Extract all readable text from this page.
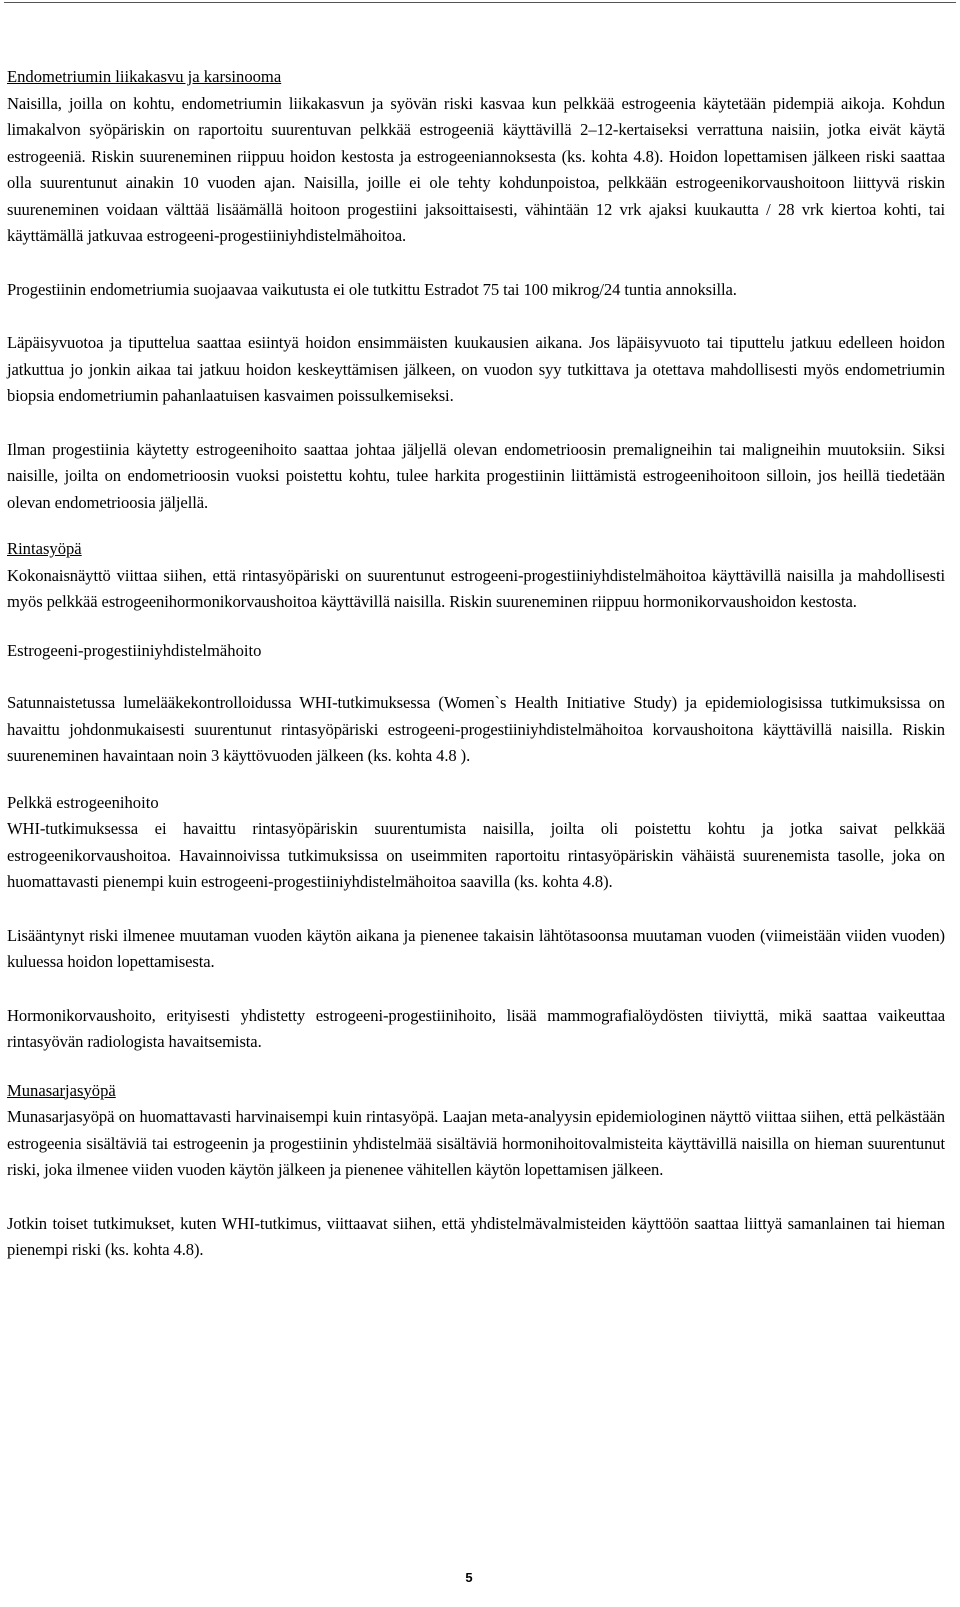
Endometriumin liikakasvu ja karsinooma

Naisilla, joilla on kohtu, endometriumin liikakasvun ja syövän riski kasvaa kun pelkkää estrogeenia käytetään pidempiä aikoja. Kohdun limakalvon syöpäriskin on raportoitu suurentuvan pelkkää estrogeeniä käyttävillä 2–12-kertaiseksi verrattuna naisiin, jotka eivät käytä estrogeeniä. Riskin suureneminen riippuu hoidon kestosta ja estrogeeniannoksesta (ks. kohta 4.8). Hoidon lopettamisen jälkeen riski saattaa olla suurentunut ainakin 10 vuoden ajan. Naisilla, joille ei ole tehty kohdunpoistoa, pelkkään estrogeenikorvaushoitoon liittyvä riskin suureneminen voidaan välttää lisäämällä hoitoon progestiini jaksoittaisesti, vähintään 12 vrk ajaksi kuukautta / 28 vrk kiertoa kohti, tai käyttämällä jatkuvaa estrogeeni-progestiiniyhdistelmähoitoa.

Progestiinin endometriumia suojaavaa vaikutusta ei ole tutkittu Estradot 75 tai 100 mikrog/24 tuntia annoksilla.

Läpäisyvuotoa ja tiputtelua saattaa esiintyä hoidon ensimmäisten kuukausien aikana. Jos läpäisyvuoto tai tiputtelu jatkuu edelleen hoidon jatkuttua jo jonkin aikaa tai jatkuu hoidon keskeyttämisen jälkeen, on vuodon syy tutkittava ja otettava mahdollisesti myös endometriumin biopsia endometriumin pahanlaatuisen kasvaimen poissulkemiseksi.

Ilman progestiinia käytetty estrogeenihoito saattaa johtaa jäljellä olevan endometrioosin premaligneihin tai maligneihin muutoksiin. Siksi naisille, joilta on endometrioosin vuoksi poistettu kohtu, tulee harkita progestiinin liittämistä estrogeenihoitoon silloin, jos heillä tiedetään olevan endometrioosia jäljellä.

Rintasyöpä

Kokonaisnäyttö viittaa siihen, että rintasyöpäriski on suurentunut estrogeeni-progestiiniyhdistelmähoitoa käyttävillä naisilla ja mahdollisesti myös pelkkää estrogeenihormonikorvaushoitoa käyttävillä naisilla. Riskin suureneminen riippuu hormonikorvaushoidon kestosta.

Estrogeeni-progestiiniyhdistelmähoito

Satunnaistetussa lumelääkekontrolloidussa WHI-tutkimuksessa (Women`s Health Initiative Study) ja epidemiologisissa tutkimuksissa on havaittu johdonmukaisesti suurentunut rintasyöpäriski estrogeeni-progestiiniyhdistelmähoitoa korvaushoitona käyttävillä naisilla. Riskin suureneminen havaintaan noin 3 käyttövuoden jälkeen (ks. kohta 4.8 ).

Pelkkä estrogeenihoito

WHI-tutkimuksessa ei havaittu rintasyöpäriskin suurentumista naisilla, joilta oli poistettu kohtu ja jotka saivat pelkkää estrogeenikorvaushoitoa. Havainnoivissa tutkimuksissa on useimmiten raportoitu rintasyöpäriskin vähäistä suurenemista tasolle, joka on huomattavasti pienempi kuin estrogeeni-progestiiniyhdistelmähoitoa saavilla (ks. kohta 4.8).

Lisääntynyt riski ilmenee muutaman vuoden käytön aikana ja pienenee takaisin lähtötasoonsa muutaman vuoden (viimeistään viiden vuoden) kuluessa hoidon lopettamisesta.

Hormonikorvaushoito, erityisesti yhdistetty estrogeeni-progestiinihoito, lisää mammografialöydösten tiiviyttä, mikä saattaa vaikeuttaa rintasyövän radiologista havaitsemista.

Munasarjasyöpä

Munasarjasyöpä on huomattavasti harvinaisempi kuin rintasyöpä. Laajan meta-analyysin epidemiologinen näyttö viittaa siihen, että pelkästään estrogeenia sisältäviä tai estrogeenin ja progestiinin yhdistelmää sisältäviä hormonihoitovalmisteita käyttävillä naisilla on hieman suurentunut riski, joka ilmenee viiden vuoden käytön jälkeen ja pienenee vähitellen käytön lopettamisen jälkeen.

Jotkin toiset tutkimukset, kuten WHI-tutkimus, viittaavat siihen, että yhdistelmävalmisteiden käyttöön saattaa liittyä samanlainen tai hieman pienempi riski (ks. kohta 4.8).

5
